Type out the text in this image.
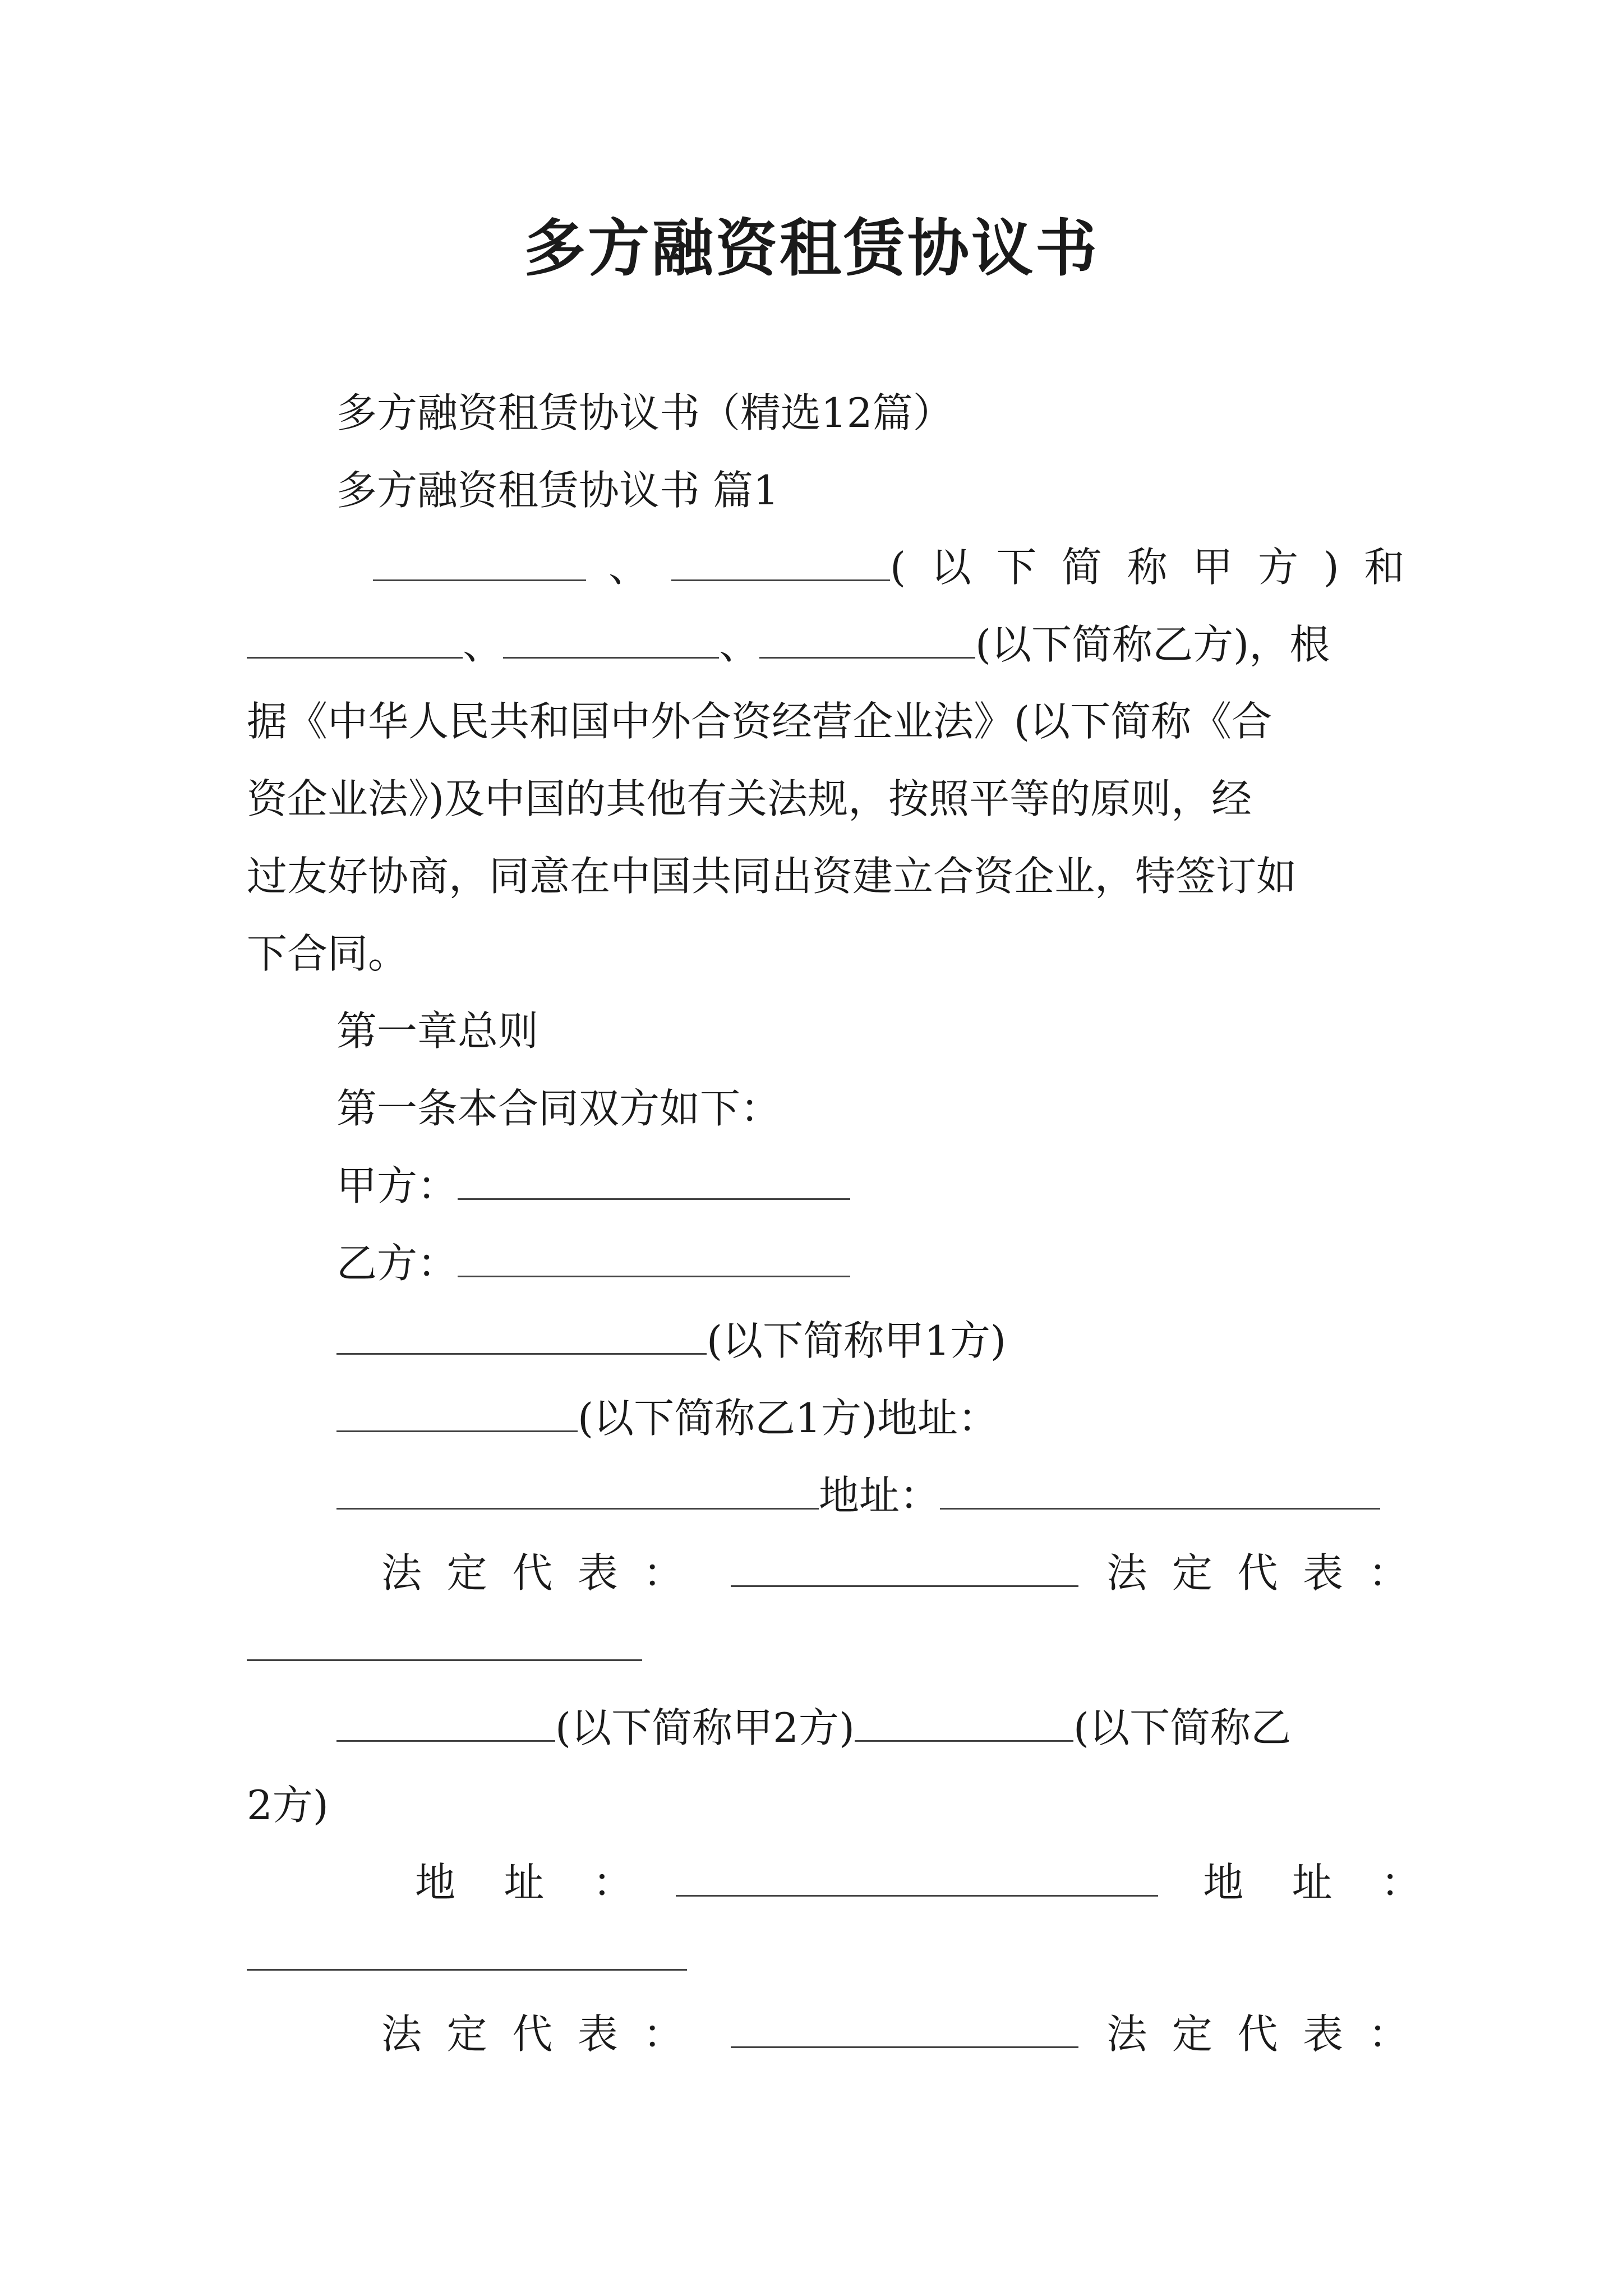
多方融资租赁协议书
多方融资租赁协议书（精选12篇）
多方融资租赁协议书 篇1
、	(以下简称甲方)和
、	、	(以下简称乙方)，根
据《中华人民共和国中外合资经营企业法》(以下简称《合
资企业法》)及中国的其他有关法规，按照平等的原则，经
过友好协商，同意在中国共同出资建立合资企业，特签订如
下合同。
第一章总则
第一条本合同双方如下：
甲方：
乙方：
(以下简称甲1方)
(以下简称乙1方)地址：
地址：
法定代表：	法定代表：
(以下简称甲2方)	(以下简称乙
2方)
地址：	地址：
法定代表：	法定代表：
